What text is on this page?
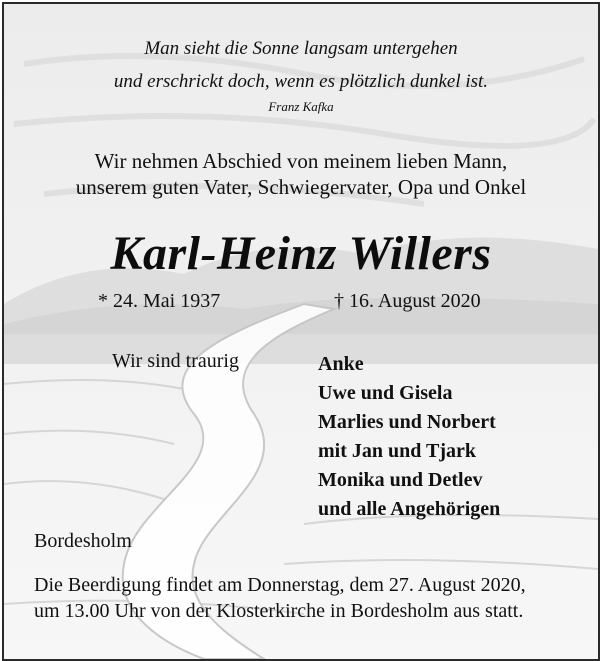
Man sieht die Sonne langsam untergehen
und erschrickt doch, wenn es plötzlich dunkel ist.
Franz Kafka
Wir nehmen Abschied von meinem lieben Mann,
unserem guten Vater, Schwiegervater, Opa und Onkel
Karl-Heinz Willers
* 24. Mai 1937	† 16. August 2020
Wir sind traurig	Anke
Uwe und Gisela
Marlies und Norbert
mit Jan und Tjark
Monika und Detlev
und alle Angehörigen
Bordesholm
Die Beerdigung findet am Donnerstag, dem 27. August 2020,
um 13.00 Uhr von der Klosterkirche in Bordesholm aus statt.
